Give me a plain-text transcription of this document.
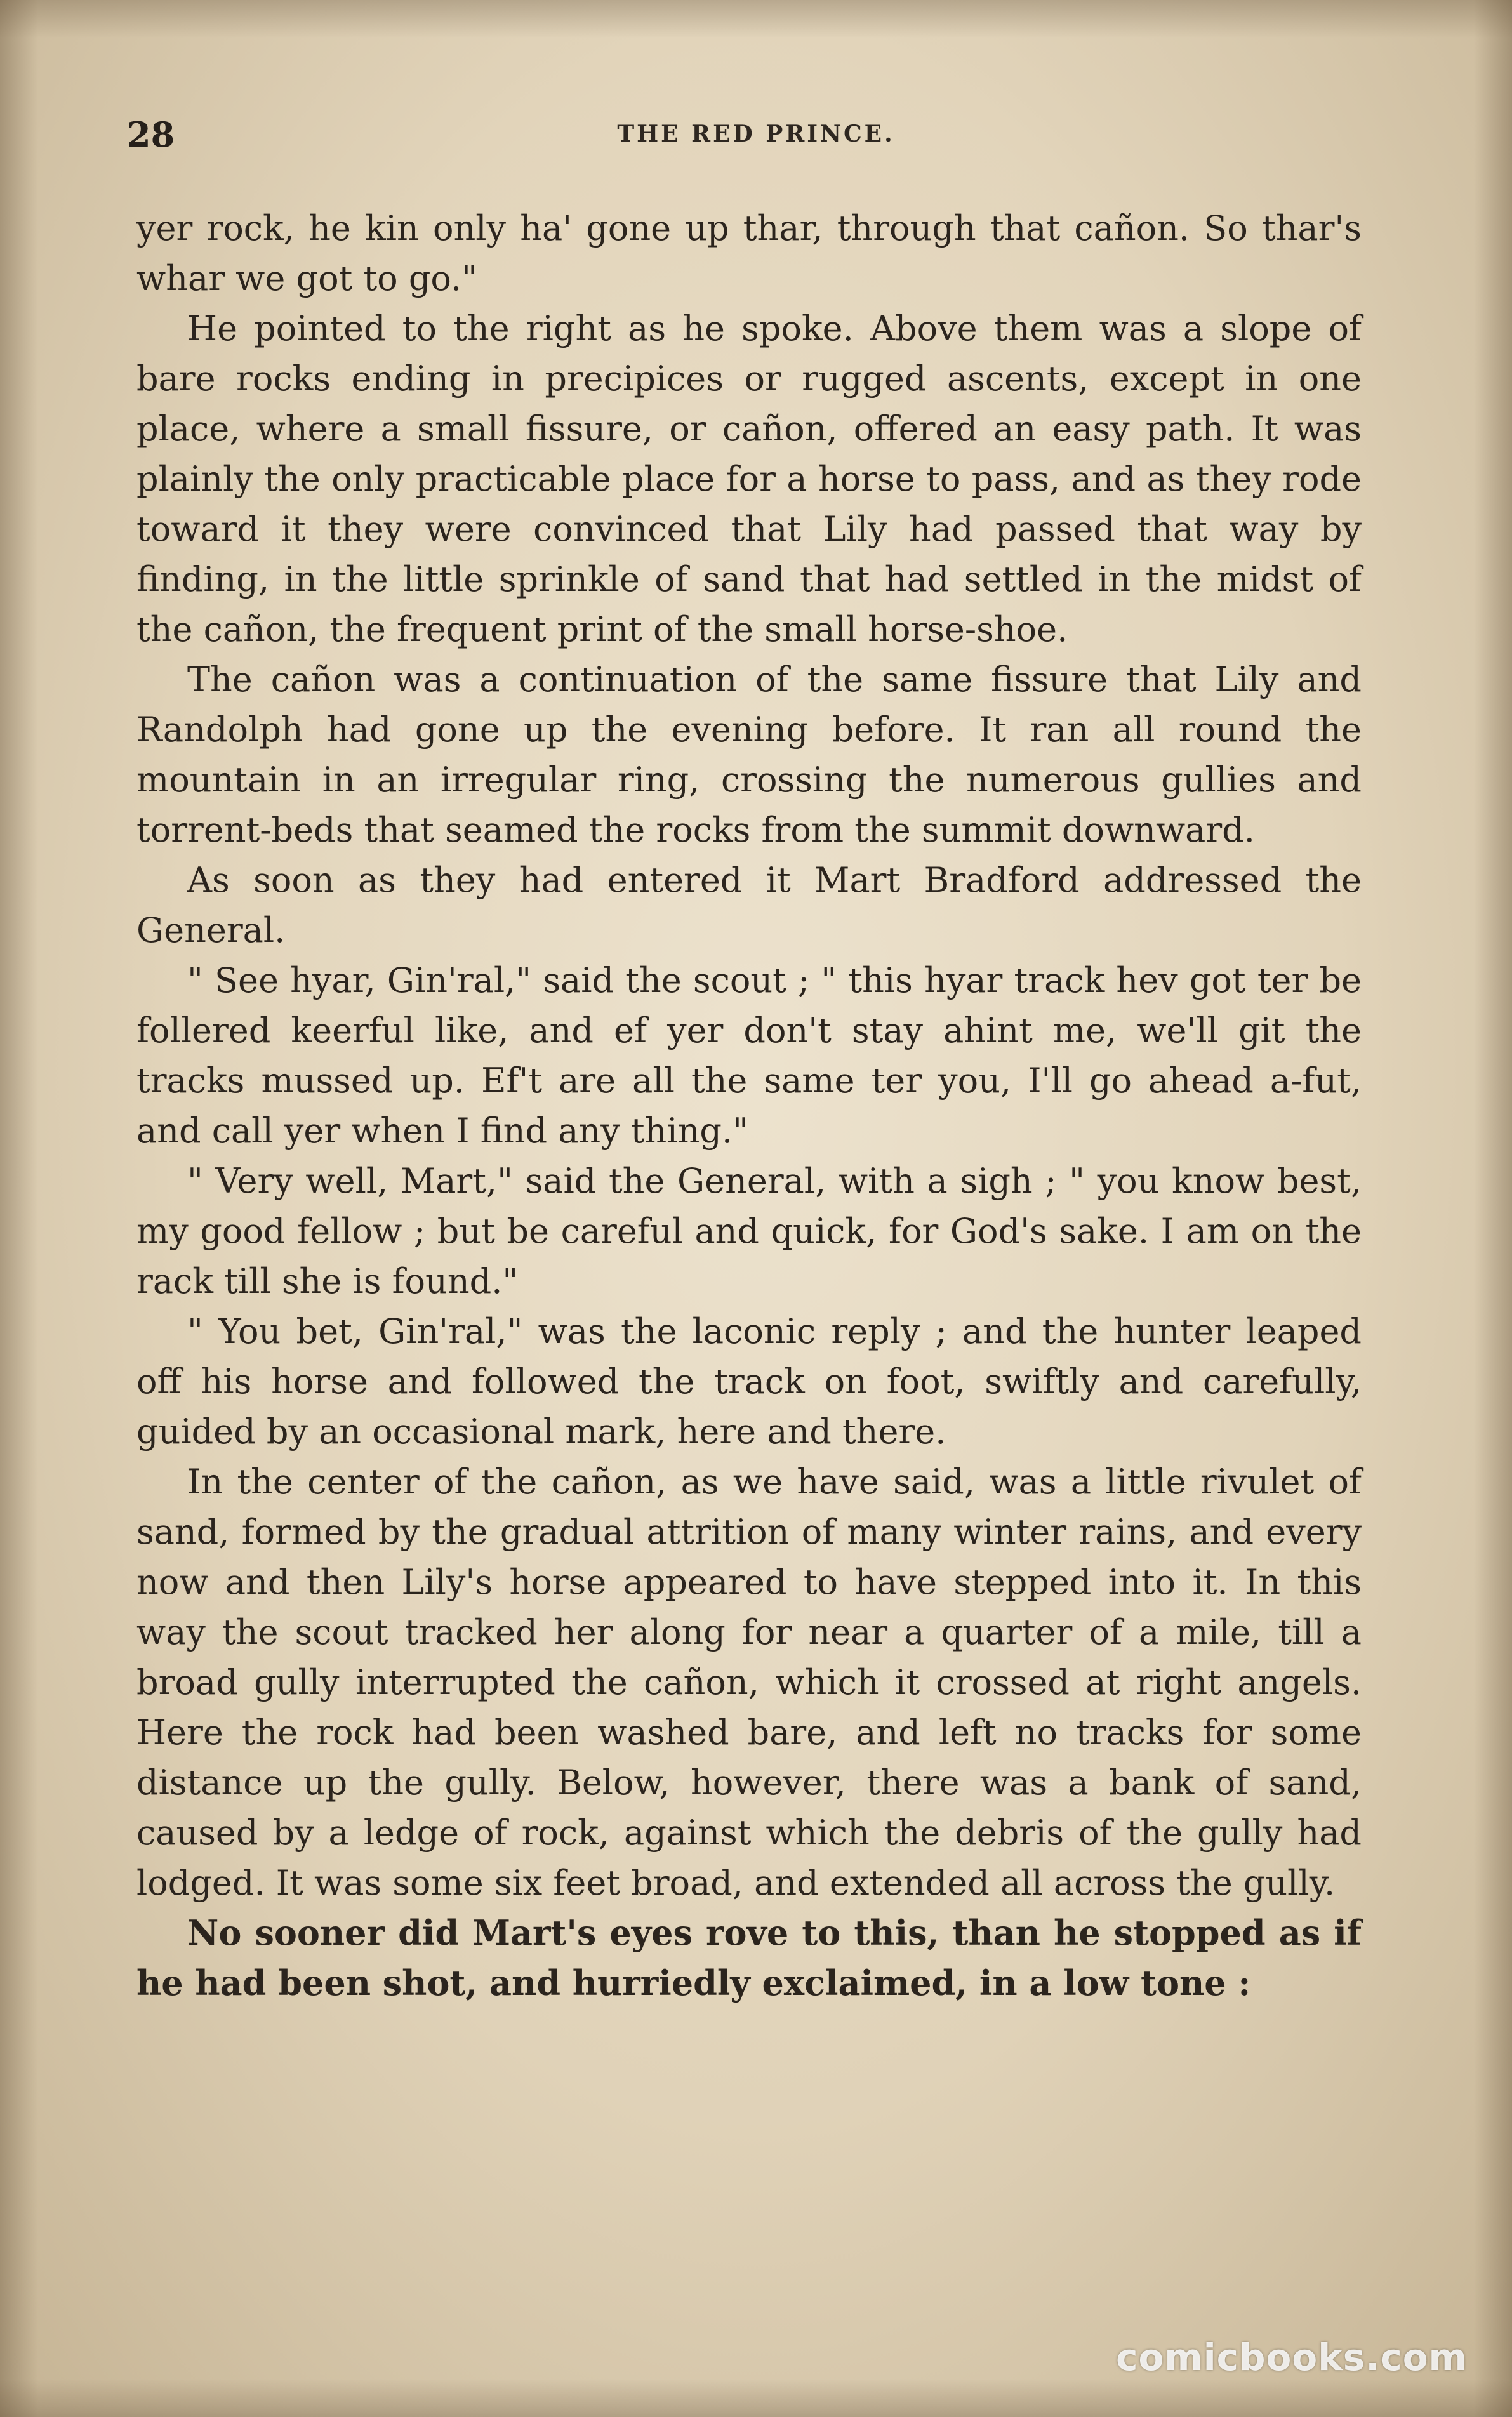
28	THE RED PRINCE.

yer rock, he kin only ha' gone up thar, through that cañon. So thar's whar we got to go."

He pointed to the right as he spoke. Above them was a slope of bare rocks ending in precipices or rugged ascents, except in one place, where a small fissure, or cañon, offered an easy path. It was plainly the only practicable place for a horse to pass, and as they rode toward it they were convinced that Lily had passed that way by finding, in the little sprinkle of sand that had settled in the midst of the cañon, the frequent print of the small horse-shoe.

The cañon was a continuation of the same fissure that Lily and Randolph had gone up the evening before. It ran all round the mountain in an irregular ring, crossing the numerous gullies and torrent-beds that seamed the rocks from the summit downward.

As soon as they had entered it Mart Bradford addressed the General.

" See hyar, Gin'ral," said the scout ; " this hyar track hev got ter be follered keerful like, and ef yer don't stay ahint me, we'll git the tracks mussed up. Ef't are all the same ter you, I'll go ahead a-fut, and call yer when I find any thing."

" Very well, Mart," said the General, with a sigh ; " you know best, my good fellow ; but be careful and quick, for God's sake. I am on the rack till she is found."

" You bet, Gin'ral," was the laconic reply ; and the hunter leaped off his horse and followed the track on foot, swiftly and carefully, guided by an occasional mark, here and there.

In the center of the cañon, as we have said, was a little rivulet of sand, formed by the gradual attrition of many winter rains, and every now and then Lily's horse appeared to have stepped into it. In this way the scout tracked her along for near a quarter of a mile, till a broad gully interrupted the cañon, which it crossed at right angels. Here the rock had been washed bare, and left no tracks for some distance up the gully. Below, however, there was a bank of sand, caused by a ledge of rock, against which the debris of the gully had lodged. It was some six feet broad, and extended all across the gully.

No sooner did Mart's eyes rove to this, than he stopped as if he had been shot, and hurriedly exclaimed, in a low tone :

comicbooks.com
